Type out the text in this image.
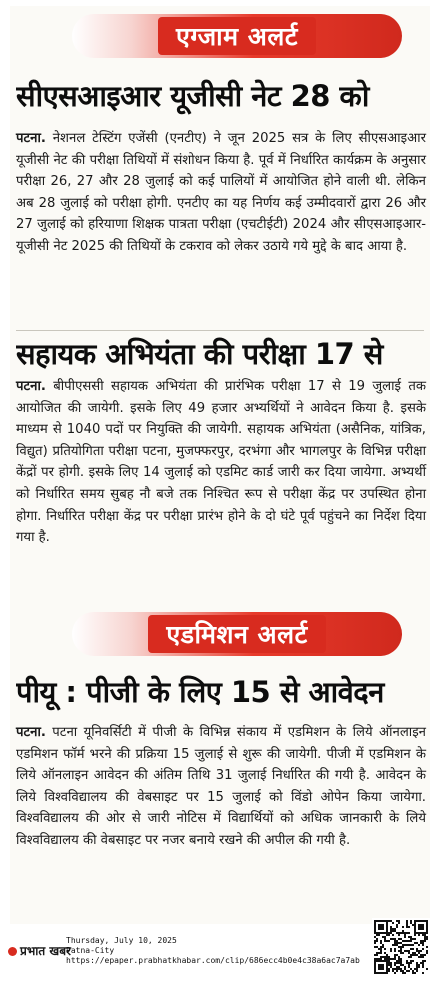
एग्जाम अलर्ट
सीएसआइआर यूजीसी नेट 28 को
पटना. नेशनल टेस्टिंग एजेंसी (एनटीए) ने जून 2025 सत्र के लिए सीएसआइआर यूजीसी नेट की परीक्षा तिथियों में संशोधन किया है. पूर्व में निर्धारित कार्यक्रम के अनुसार परीक्षा 26, 27 और 28 जुलाई को कई पालियों में आयोजित होने वाली थी. लेकिन अब 28 जुलाई को परीक्षा होगी. एनटीए का यह निर्णय कई उम्मीदवारों द्वारा 26 और 27 जुलाई को हरियाणा शिक्षक पात्रता परीक्षा (एचटीईटी) 2024 और सीएसआइआर-यूजीसी नेट 2025 की तिथियों के टकराव को लेकर उठाये गये मुद्दे के बाद आया है.
सहायक अभियंता की परीक्षा 17 से
पटना. बीपीएससी सहायक अभियंता की प्रारंभिक परीक्षा 17 से 19 जुलाई तक आयोजित की जायेगी. इसके लिए 49 हजार अभ्यर्थियों ने आवेदन किया है. इसके माध्यम से 1040 पदों पर नियुक्ति की जायेगी. सहायक अभियंता (असैनिक, यांत्रिक, विद्युत) प्रतियोगिता परीक्षा पटना, मुजफ्फरपुर, दरभंगा और भागलपुर के विभिन्न परीक्षा केंद्रों पर होगी. इसके लिए 14 जुलाई को एडमिट कार्ड जारी कर दिया जायेगा. अभ्यर्थी को निर्धारित समय सुबह नौ बजे तक निश्चित रूप से परीक्षा केंद्र पर उपस्थित होना होगा. निर्धारित परीक्षा केंद्र पर परीक्षा प्रारंभ होने के दो घंटे पूर्व पहुंचने का निर्देश दिया गया है.
एडमिशन अलर्ट
पीयू : पीजी के लिए 15 से आवेदन
पटना. पटना यूनिवर्सिटी में पीजी के विभिन्न संकाय में एडमिशन के लिये ऑनलाइन एडमिशन फॉर्म भरने की प्रक्रिया 15 जुलाई से शुरू की जायेगी. पीजी में एडमिशन के लिये ऑनलाइन आवेदन की अंतिम तिथि 31 जुलाई निर्धारित की गयी है. आवेदन के लिये विश्वविद्यालय की वेबसाइट पर 15 जुलाई को विंडो ओपेन किया जायेगा. विश्वविद्यालय की ओर से जारी नोटिस में विद्यार्थियों को अधिक जानकारी के लिये विश्वविद्यालय की वेबसाइट पर नजर बनाये रखने की अपील की गयी है.
प्रभात खबर
Thursday, July 10, 2025
Patna-City
https://epaper.prabhatkhabar.com/clip/686ecc4b0e4c38a6ac7a7ab
